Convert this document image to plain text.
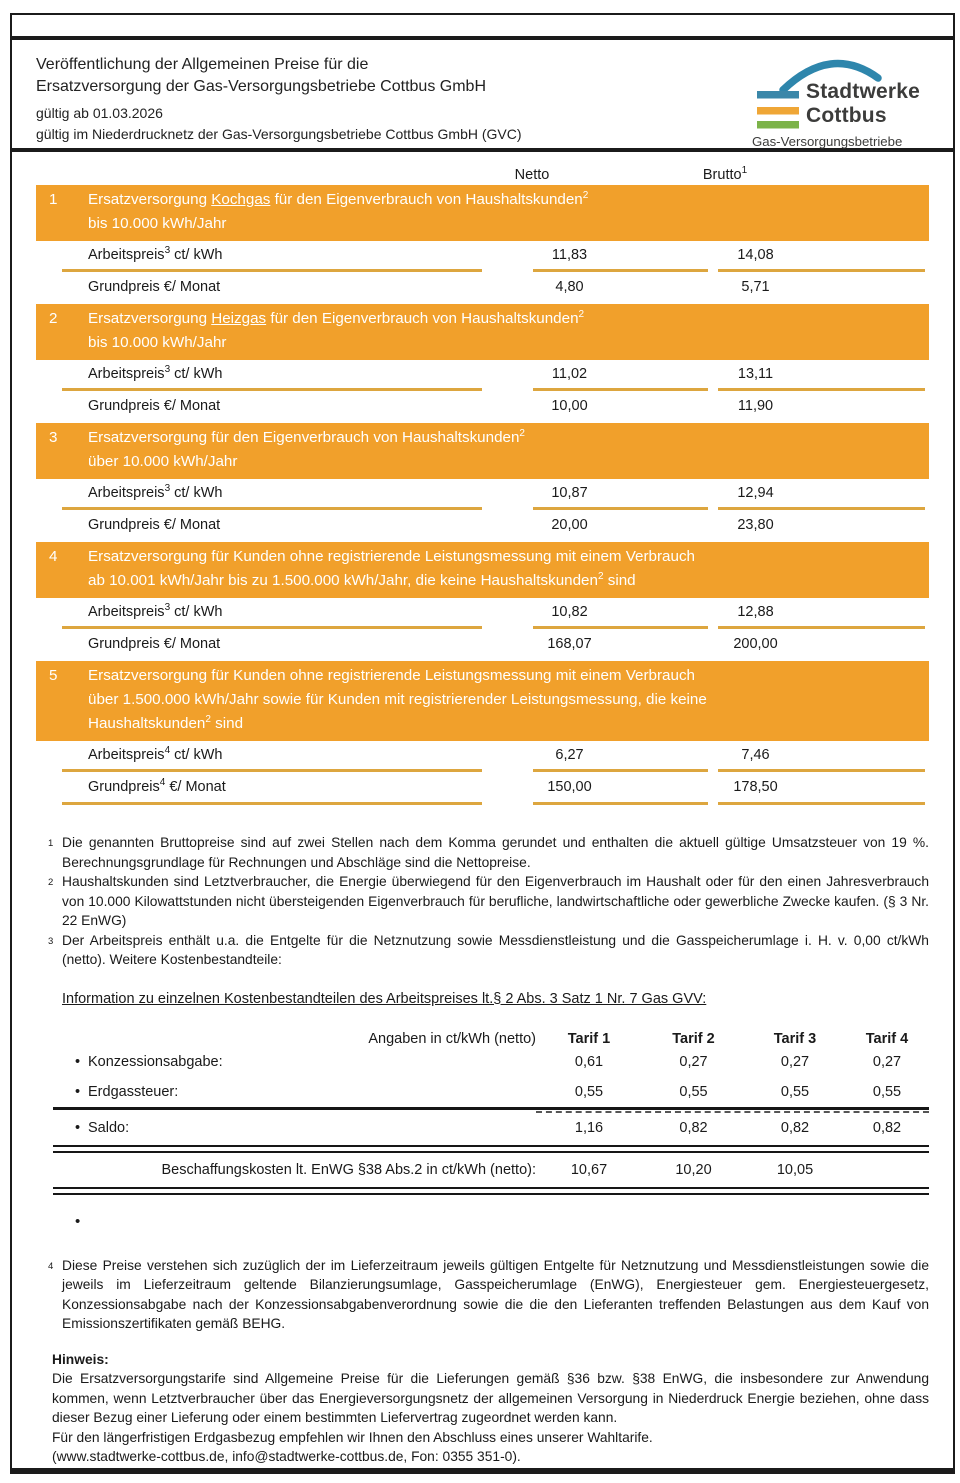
Veröffentlichung der Allgemeinen Preise für die
Ersatzversorgung der Gas-Versorgungsbetriebe Cottbus GmbH
gültig ab 01.03.2026
gültig im Niederdrucknetz der Gas-Versorgungsbetriebe Cottbus GmbH (GVC)
Stadtwerke
Cottbus
Gas-Versorgungsbetriebe
Netto	Brutto$^1$
1	Ersatzversorgung Kochgas für den Eigenverbrauch von Haushaltskunden$^2$
bis 10.000 kWh/Jahr
Arbeitspreis$^3$ ct/ kWh	11,83	14,08
Grundpreis €/ Monat	4,80	5,71
2	Ersatzversorgung Heizgas für den Eigenverbrauch von Haushaltskunden$^2$
bis 10.000 kWh/Jahr
Arbeitspreis$^3$ ct/ kWh	11,02	13,11
Grundpreis €/ Monat	10,00	11,90
3	Ersatzversorgung für den Eigenverbrauch von Haushaltskunden$^2$
über 10.000 kWh/Jahr
Arbeitspreis$^3$ ct/ kWh	10,87	12,94
Grundpreis €/ Monat	20,00	23,80
4	Ersatzversorgung für Kunden ohne registrierende Leistungsmessung mit einem Verbrauch
ab 10.001 kWh/Jahr bis zu 1.500.000 kWh/Jahr, die keine Haushaltskunden$^2$ sind
Arbeitspreis$^3$ ct/ kWh	10,82	12,88
Grundpreis €/ Monat	168,07	200,00
5	Ersatzversorgung für Kunden ohne registrierende Leistungsmessung mit einem Verbrauch
über 1.500.000 kWh/Jahr sowie für Kunden mit registrierender Leistungsmessung, die keine
Haushaltskunden$^2$ sind
Arbeitspreis$^4$ ct/ kWh	6,27	7,46
Grundpreis$^4$ €/ Monat	150,00	178,50
1 Die genannten Bruttopreise sind auf zwei Stellen nach dem Komma gerundet und enthalten die aktuell gültige Umsatzsteuer von 19 %. Berechnungsgrundlage für Rechnungen und Abschläge sind die Nettopreise.
2 Haushaltskunden sind Letztverbraucher, die Energie überwiegend für den Eigenverbrauch im Haushalt oder für den einen Jahresverbrauch von 10.000 Kilowattstunden nicht übersteigenden Eigenverbrauch für berufliche, landwirtschaftliche oder gewerbliche Zwecke kaufen. (§ 3 Nr. 22 EnWG)
3 Der Arbeitspreis enthält u.a. die Entgelte für die Netznutzung sowie Messdienstleistung und die Gasspeicherumlage i. H. v. 0,00 ct/kWh (netto). Weitere Kostenbestandteile:
Information zu einzelnen Kostenbestandteilen des Arbeitspreises lt.§ 2 Abs. 3 Satz 1 Nr. 7 Gas GVV:
Angaben in ct/kWh (netto)	Tarif 1	Tarif 2	Tarif 3	Tarif 4
• Konzessionsabgabe:	0,61	0,27	0,27	0,27
• Erdgassteuer:	0,55	0,55	0,55	0,55
• Saldo:	1,16	0,82	0,82	0,82
Beschaffungskosten lt. EnWG §38 Abs.2 in ct/kWh (netto):	10,67	10,20	10,05
•
4 Diese Preise verstehen sich zuzüglich der im Lieferzeitraum jeweils gültigen Entgelte für Netznutzung und Messdienstleistungen sowie die jeweils im Lieferzeitraum geltende Bilanzierungsumlage, Gasspeicherumlage (EnWG), Energiesteuer gem. Energiesteuergesetz, Konzessionsabgabe nach der Konzessionsabgabenverordnung sowie die die den Lieferanten treffenden Belastungen aus dem Kauf von Emissionszertifikaten gemäß BEHG.
Hinweis:

Die Ersatzversorgungstarife sind Allgemeine Preise für die Lieferungen gemäß §36 bzw. §38 EnWG, die insbesondere zur Anwendung kommen, wenn Letztverbraucher über das Energieversorgungsnetz der allgemeinen Versorgung in Niederdruck Energie beziehen, ohne dass dieser Bezug einer Lieferung oder einem bestimmten Liefervertrag zugeordnet werden kann.

Für den längerfristigen Erdgasbezug empfehlen wir Ihnen den Abschluss eines unserer Wahltarife.

(www.stadtwerke-cottbus.de, info@stadtwerke-cottbus.de, Fon: 0355 351-0).
